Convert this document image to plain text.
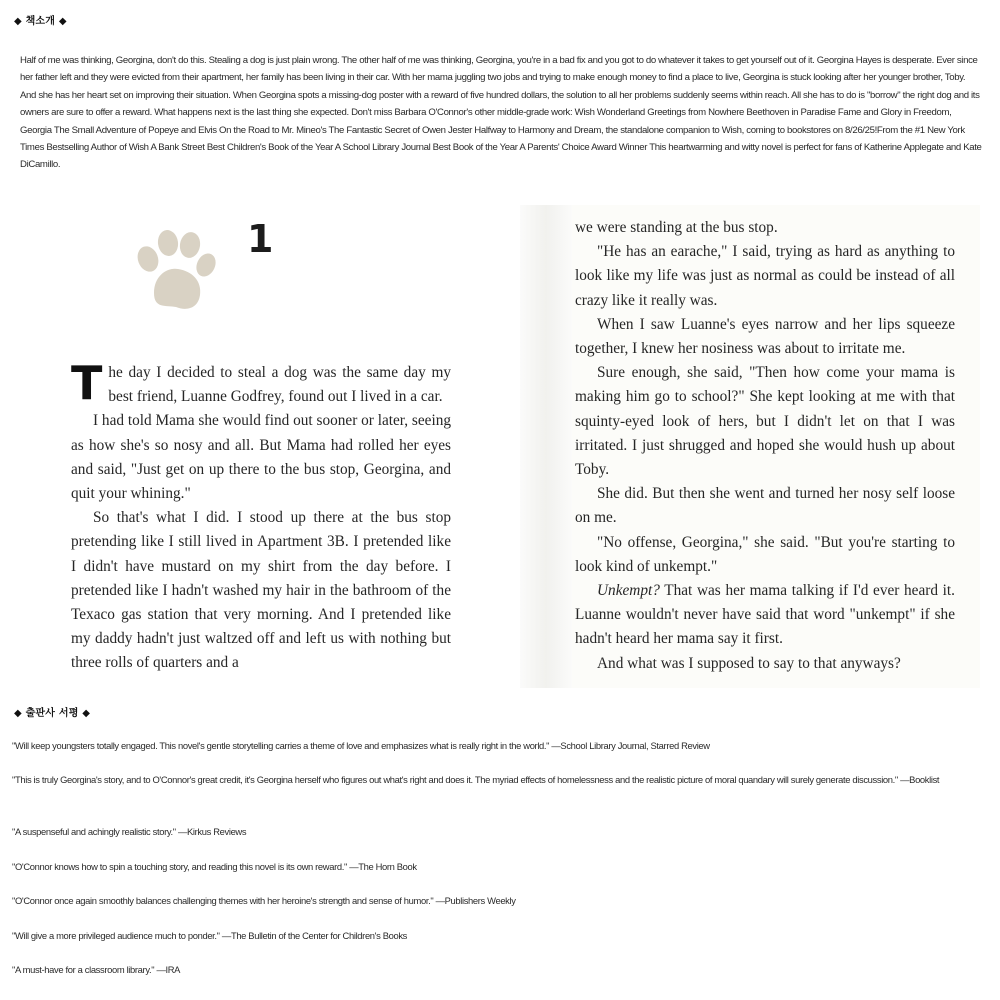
◆ 책소개 ◆

Half of me was thinking, Georgina, don't do this. Stealing a dog is just plain wrong. The other half of me was thinking, Georgina, you're in a bad fix and you got to do whatever it takes to get yourself out of it. Georgina Hayes is desperate. Ever since her father left and they were evicted from their apartment, her family has been living in their car. With her mama juggling two jobs and trying to make enough money to find a place to live, Georgina is stuck looking after her younger brother, Toby. And she has her heart set on improving their situation. When Georgina spots a missing-dog poster with a reward of five hundred dollars, the solution to all her problems suddenly seems within reach. All she has to do is "borrow" the right dog and its owners are sure to offer a reward. What happens next is the last thing she expected. Don't miss Barbara O'Connor's other middle-grade work: Wish Wonderland Greetings from Nowhere Beethoven in Paradise Fame and Glory in Freedom, Georgia The Small Adventure of Popeye and Elvis On the Road to Mr. Mineo's The Fantastic Secret of Owen Jester Halfway to Harmony and Dream, the standalone companion to Wish, coming to bookstores on 8/26/25!From the #1 New York Times Bestselling Author of Wish A Bank Street Best Children's Book of the Year A School Library Journal Best Book of the Year A Parents' Choice Award Winner This heartwarming and witty novel is perfect for fans of Katherine Applegate and Kate DiCamillo.

1

The day I decided to steal a dog was the same day my best friend, Luanne Godfrey, found out I lived in a car.

I had told Mama she would find out sooner or later, seeing as how she's so nosy and all. But Mama had rolled her eyes and said, "Just get on up there to the bus stop, Georgina, and quit your whining."

So that's what I did. I stood up there at the bus stop pretending like I still lived in Apartment 3B. I pretended like I didn't have mustard on my shirt from the day before. I pretended like I hadn't washed my hair in the bathroom of the Texaco gas station that very morning. And I pretended like my daddy hadn't just waltzed off and left us with nothing but three rolls of quarters and a

we were standing at the bus stop.

"He has an earache," I said, trying as hard as anything to look like my life was just as normal as could be instead of all crazy like it really was.

When I saw Luanne's eyes narrow and her lips squeeze together, I knew her nosiness was about to irritate me.

Sure enough, she said, "Then how come your mama is making him go to school?" She kept looking at me with that squinty-eyed look of hers, but I didn't let on that I was irritated. I just shrugged and hoped she would hush up about Toby.

She did. But then she went and turned her nosy self loose on me.

"No offense, Georgina," she said. "But you're starting to look kind of unkempt."

Unkempt? That was her mama talking if I'd ever heard it. Luanne wouldn't never have said that word "unkempt" if she hadn't heard her mama say it first.

And what was I supposed to say to that anyways?

◆ 출판사 서평 ◆

"Will keep youngsters totally engaged. This novel's gentle storytelling carries a theme of love and emphasizes what is really right in the world." —School Library Journal, Starred Review

"This is truly Georgina's story, and to O'Connor's great credit, it's Georgina herself who figures out what's right and does it. The myriad effects of homelessness and the realistic picture of moral quandary will surely generate discussion." —Booklist

"A suspenseful and achingly realistic story." —Kirkus Reviews

"O'Connor knows how to spin a touching story, and reading this novel is its own reward." —The Horn Book

"O'Connor once again smoothly balances challenging themes with her heroine's strength and sense of humor." —Publishers Weekly

"Will give a more privileged audience much to ponder." —The Bulletin of the Center for Children's Books

"A must-have for a classroom library." —IRA
